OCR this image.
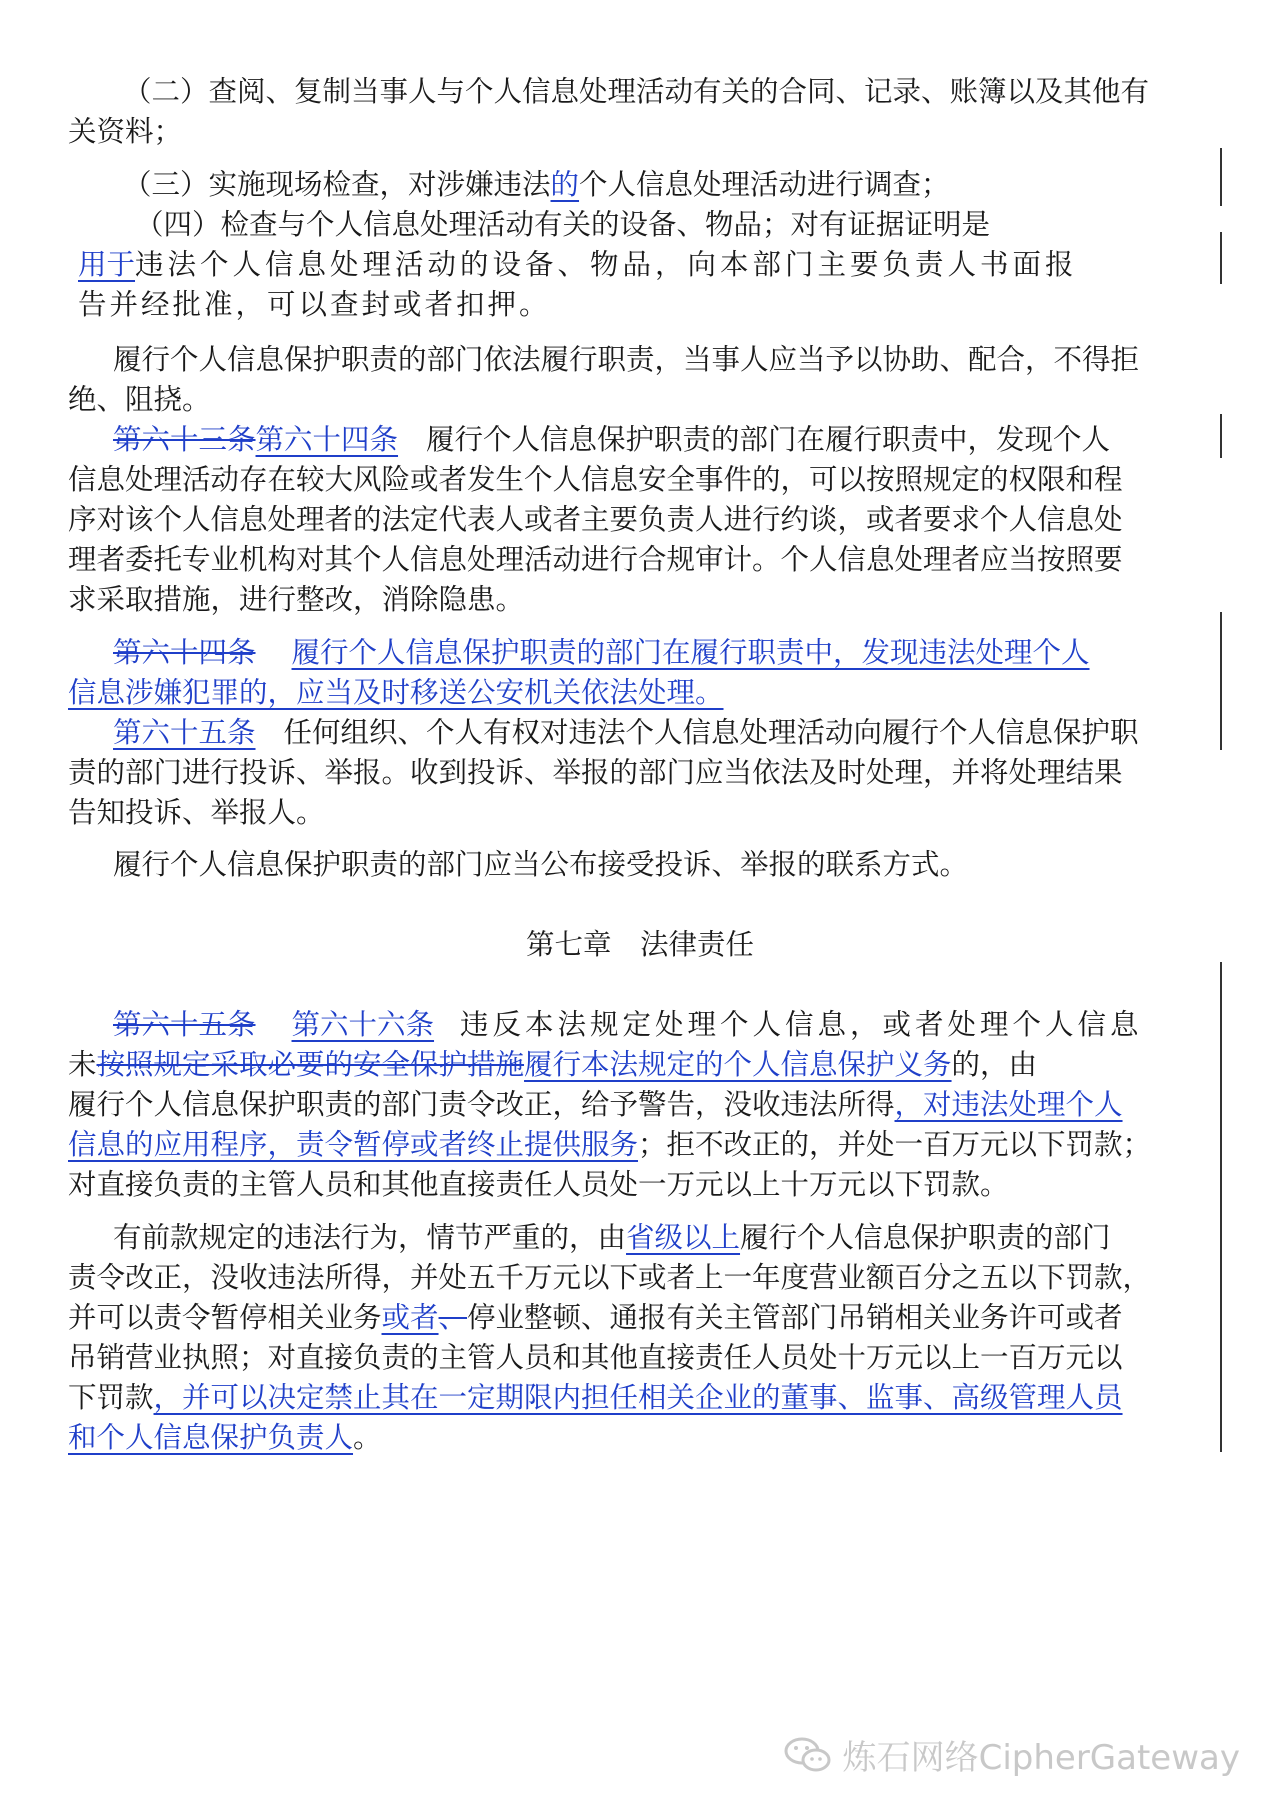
（二）查阅、复制当事人与个人信息处理活动有关的合同、记录、账簿以及其他有
关资料；
（三）实施现场检查，对涉嫌违法的个人信息处理活动进行调查；
（四）检查与个人信息处理活动有关的设备、物品；对有证据证明是
用于违法个人信息处理活动的设备、物品，向本部门主要负责人书面报
告并经批准，可以查封或者扣押。
履行个人信息保护职责的部门依法履行职责，当事人应当予以协助、配合，不得拒
绝、阻挠。
第六十三条第六十四条 履行个人信息保护职责的部门在履行职责中，发现个人
信息处理活动存在较大风险或者发生个人信息安全事件的，可以按照规定的权限和程
序对该个人信息处理者的法定代表人或者主要负责人进行约谈，或者要求个人信息处
理者委托专业机构对其个人信息处理活动进行合规审计。个人信息处理者应当按照要
求采取措施，进行整改，消除隐患。
第六十四条 履行个人信息保护职责的部门在履行职责中，发现违法处理个人
信息涉嫌犯罪的，应当及时移送公安机关依法处理。
第六十五条 任何组织、个人有权对违法个人信息处理活动向履行个人信息保护职
责的部门进行投诉、举报。收到投诉、举报的部门应当依法及时处理，并将处理结果
告知投诉、举报人。
履行个人信息保护职责的部门应当公布接受投诉、举报的联系方式。
第七章　法律责任
第六十五条 第六十六条 违反本法规定处理个人信息，或者处理个人信息
未按照规定采取必要的安全保护措施履行本法规定的个人信息保护义务的，由
履行个人信息保护职责的部门责令改正，给予警告，没收违法所得，对违法处理个人
信息的应用程序，责令暂停或者终止提供服务；拒不改正的，并处一百万元以下罚款；
对直接负责的主管人员和其他直接责任人员处一万元以上十万元以下罚款。
有前款规定的违法行为，情节严重的，由省级以上履行个人信息保护职责的部门
责令改正，没收违法所得，并处五千万元以下或者上一年度营业额百分之五以下罚款，
并可以责令暂停相关业务或者、停业整顿、通报有关主管部门吊销相关业务许可或者
吊销营业执照；对直接负责的主管人员和其他直接责任人员处十万元以上一百万元以
下罚款，并可以决定禁止其在一定期限内担任相关企业的董事、监事、高级管理人员
和个人信息保护负责人。
炼石网络CipherGateway
